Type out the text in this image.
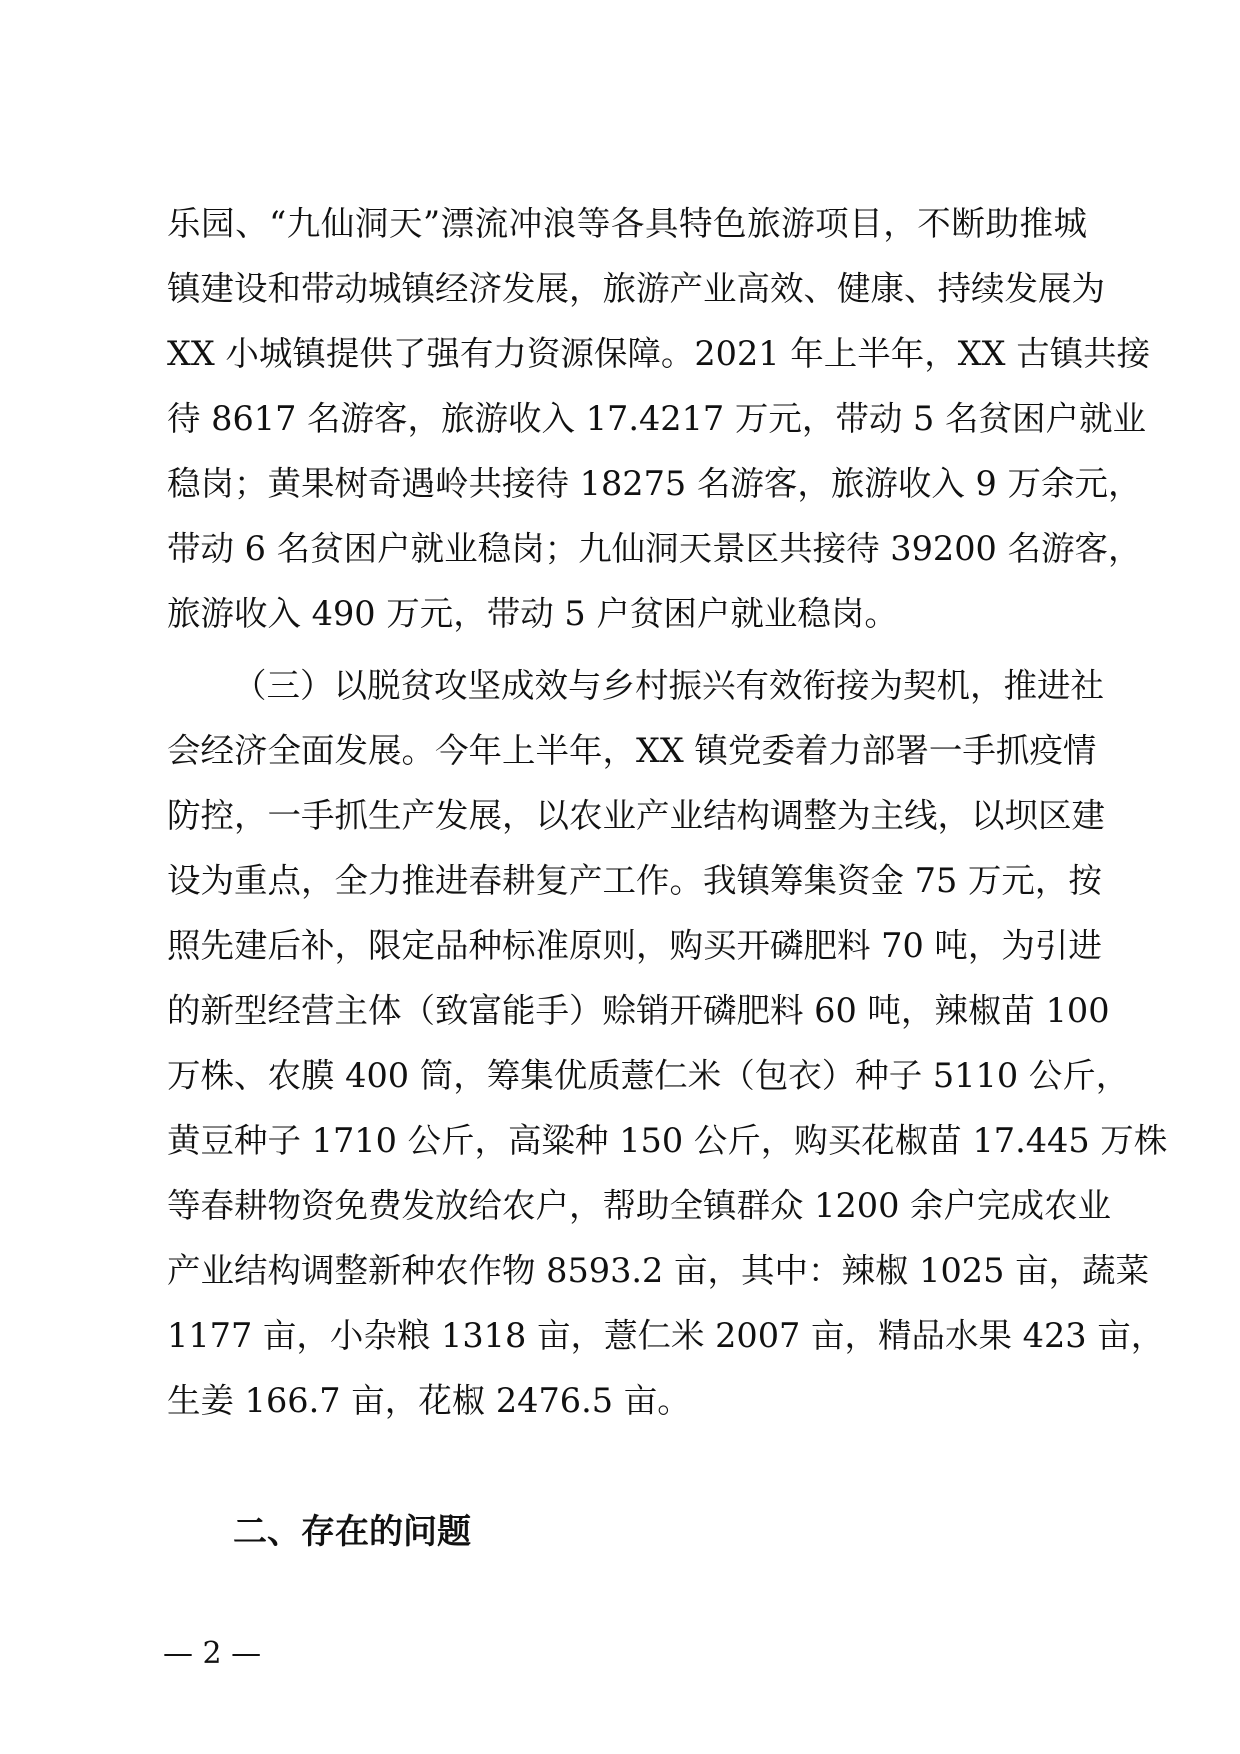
乐园、“九仙洞天”漂流冲浪等各具特色旅游项目，不断助推城
镇建设和带动城镇经济发展，旅游产业高效、健康、持续发展为
XX 小城镇提供了强有力资源保障。2021 年上半年，XX 古镇共接
待 8617 名游客，旅游收入 17.4217 万元，带动 5 名贫困户就业
稳岗；黄果树奇遇岭共接待 18275 名游客，旅游收入 9 万余元，
带动 6 名贫困户就业稳岗；九仙洞天景区共接待 39200 名游客，
旅游收入 490 万元，带动 5 户贫困户就业稳岗。
（三）以脱贫攻坚成效与乡村振兴有效衔接为契机，推进社
会经济全面发展。今年上半年，XX 镇党委着力部署一手抓疫情
防控，一手抓生产发展，以农业产业结构调整为主线，以坝区建
设为重点，全力推进春耕复产工作。我镇筹集资金 75 万元，按
照先建后补，限定品种标准原则，购买开磷肥料 70 吨，为引进
的新型经营主体（致富能手）赊销开磷肥料 60 吨，辣椒苗 100
万株、农膜 400 筒，筹集优质薏仁米（包衣）种子 5110 公斤，
黄豆种子 1710 公斤，高粱种 150 公斤，购买花椒苗 17.445 万株
等春耕物资免费发放给农户，帮助全镇群众 1200 余户完成农业
产业结构调整新种农作物 8593.2 亩，其中：辣椒 1025 亩，蔬菜
1177 亩，小杂粮 1318 亩，薏仁米 2007 亩，精品水果 423 亩，
生姜 166.7 亩，花椒 2476.5 亩。
二、存在的问题
— 2 —
